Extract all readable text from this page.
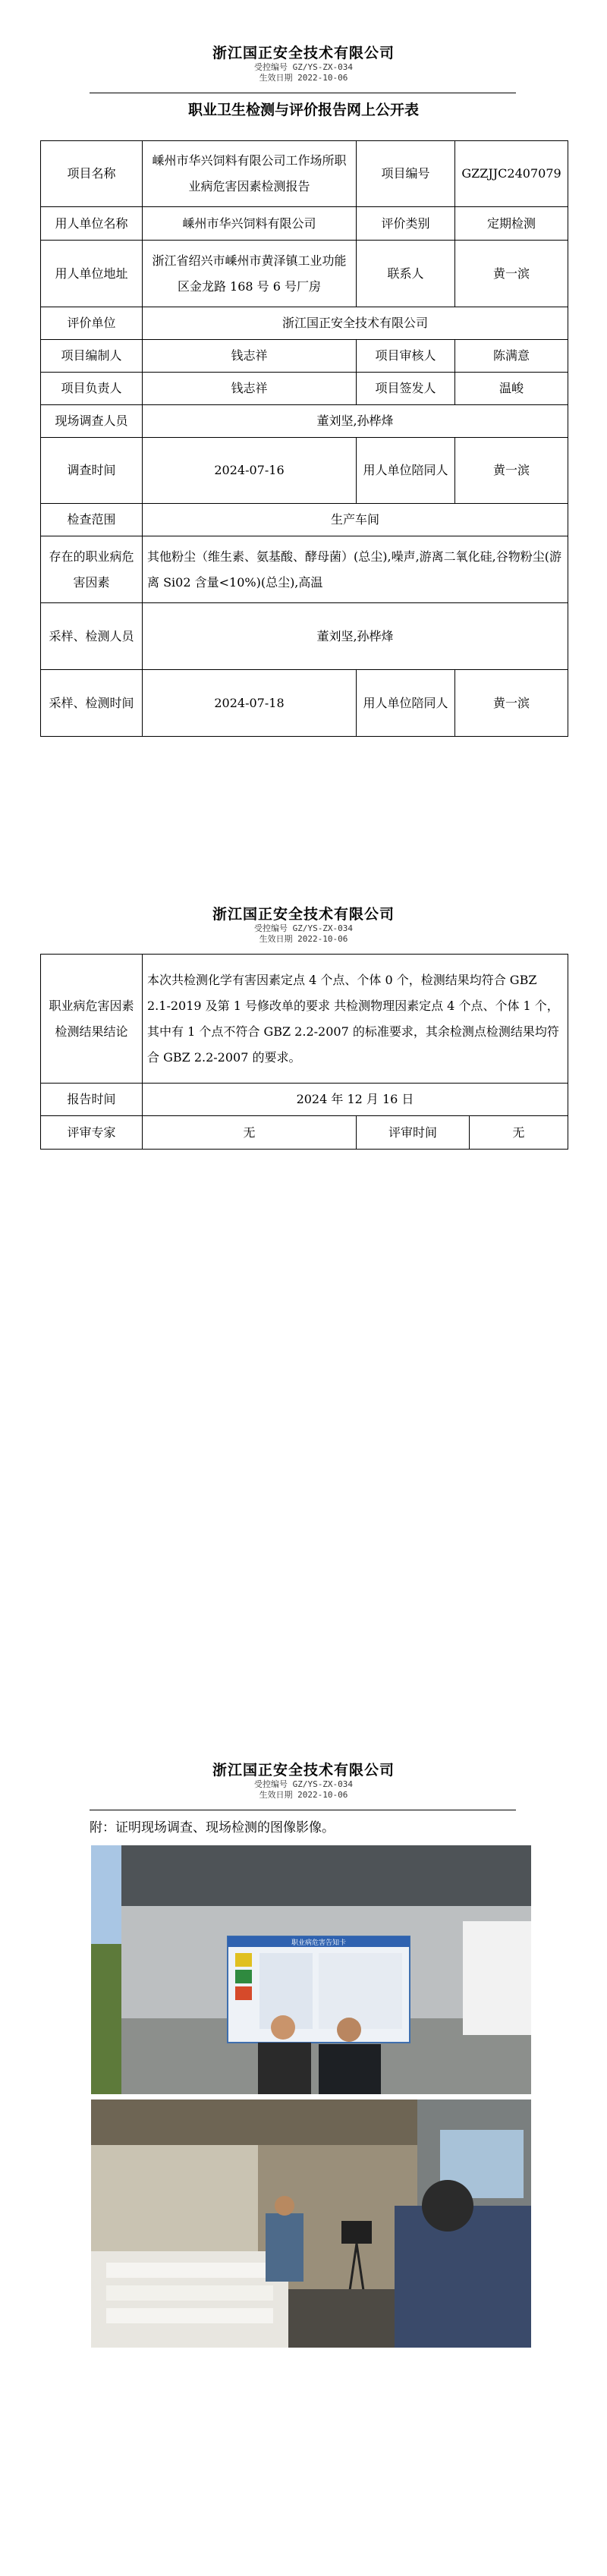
浙江国正安全技术有限公司
受控编号 GZ/YS-ZX-034
生效日期 2022-10-06
职业卫生检测与评价报告网上公开表
项目名称	嵊州市华兴饲料有限公司工作场所职业病危害因素检测报告	项目编号	GZZJJC2407079
用人单位名称	嵊州市华兴饲料有限公司	评价类别	定期检测
用人单位地址	浙江省绍兴市嵊州市黄泽镇工业功能区金龙路 168 号 6 号厂房	联系人	黄一滨
评价单位	浙江国正安全技术有限公司		
项目编制人	钱志祥	项目审核人	陈满意
项目负责人	钱志祥	项目签发人	温峻
现场调查人员	董刘坚,孙桦烽		
调查时间	2024-07-16	用人单位陪同人	黄一滨
检查范围	生产车间		
存在的职业病危害因素	其他粉尘（维生素、氨基酸、酵母菌）(总尘),噪声,游离二氧化硅,谷物粉尘(游离 Si02 含量<10%)(总尘),高温		
采样、检测人员	董刘坚,孙桦烽		
采样、检测时间	2024-07-18	用人单位陪同人	黄一滨
浙江国正安全技术有限公司
受控编号 GZ/YS-ZX-034
生效日期 2022-10-06
职业病危害因素检测结果结论	本次共检测化学有害因素定点 4 个点、个体 0 个，检测结果均符合 GBZ 2.1-2019 及第 1 号修改单的要求 共检测物理因素定点 4 个点、个体 1 个，其中有 1 个点不符合 GBZ 2.2-2007 的标准要求，其余检测点检测结果均符合 GBZ 2.2-2007 的要求。		
报告时间	2024 年 12 月 16 日		
评审专家	无	评审时间	无
浙江国正安全技术有限公司
受控编号 GZ/YS-ZX-034
生效日期 2022-10-06
附：证明现场调查、现场检测的图像影像。
职业病危害告知卡
